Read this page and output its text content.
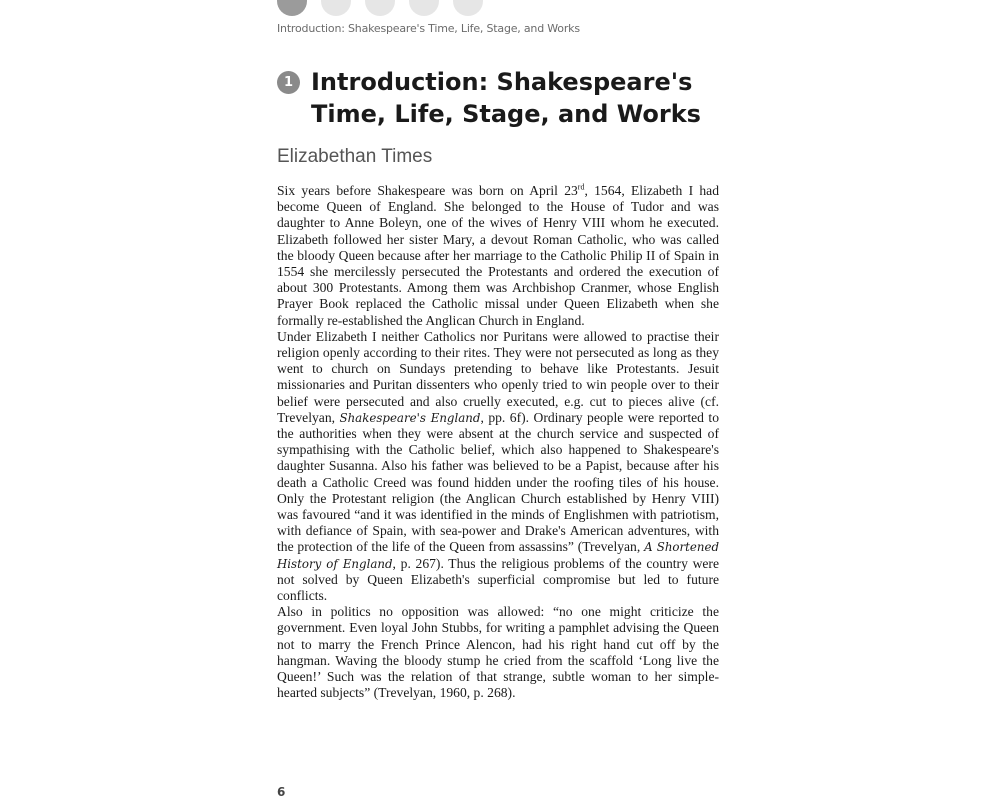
Introduction: Shakespeare's Time, Life, Stage, and Works
1 Introduction: Shakespeare's Time, Life, Stage, and Works
Elizabethan Times

Six years before Shakespeare was born on April 23rd, 1564, Elizabeth I had become Queen of England. She belonged to the House of Tudor and was daughter to Anne Boleyn, one of the wives of Henry VIII whom he executed. Elizabeth followed her sister Mary, a devout Roman Catholic, who was called the bloody Queen because after her marriage to the Catholic Philip II of Spain in 1554 she mercilessly persecuted the Protestants and ordered the execution of about 300 Protestants. Among them was Archbishop Cranmer, whose English Prayer Book replaced the Catholic missal under Queen Elizabeth when she formally re-established the Anglican Church in England.

Under Elizabeth I neither Catholics nor Puritans were allowed to practise their religion openly according to their rites. They were not persecuted as long as they went to church on Sundays pretending to behave like Protestants. Jesuit missionaries and Puritan dissenters who openly tried to win people over to their belief were persecuted and also cruelly executed, e.g. cut to pieces alive (cf. Trevelyan, Shakespeare's England, pp. 6f). Ordinary people were reported to the authorities when they were absent at the church service and suspected of sympathising with the Catholic belief, which also happened to Shakespeare's daughter Susanna. Also his father was believed to be a Papist, because after his death a Catholic Creed was found hidden under the roofing tiles of his house. Only the Protestant religion (the Anglican Church established by Henry VIII) was favoured “and it was identified in the minds of Englishmen with patriotism, with defiance of Spain, with sea-power and Drake's American adventures, with the protection of the life of the Queen from assassins” (Trevelyan, A Shortened History of England, p. 267). Thus the religious problems of the country were not solved by Queen Elizabeth's superficial compromise but led to future conflicts.

Also in politics no opposition was allowed: “no one might criticize the government. Even loyal John Stubbs, for writing a pamphlet advising the Queen not to marry the French Prince Alencon, had his right hand cut off by the hangman. Waving the bloody stump he cried from the scaffold ‘Long live the Queen!’ Such was the relation of that strange, subtle woman to her simple-hearted subjects” (Trevelyan, 1960, p. 268).

6
